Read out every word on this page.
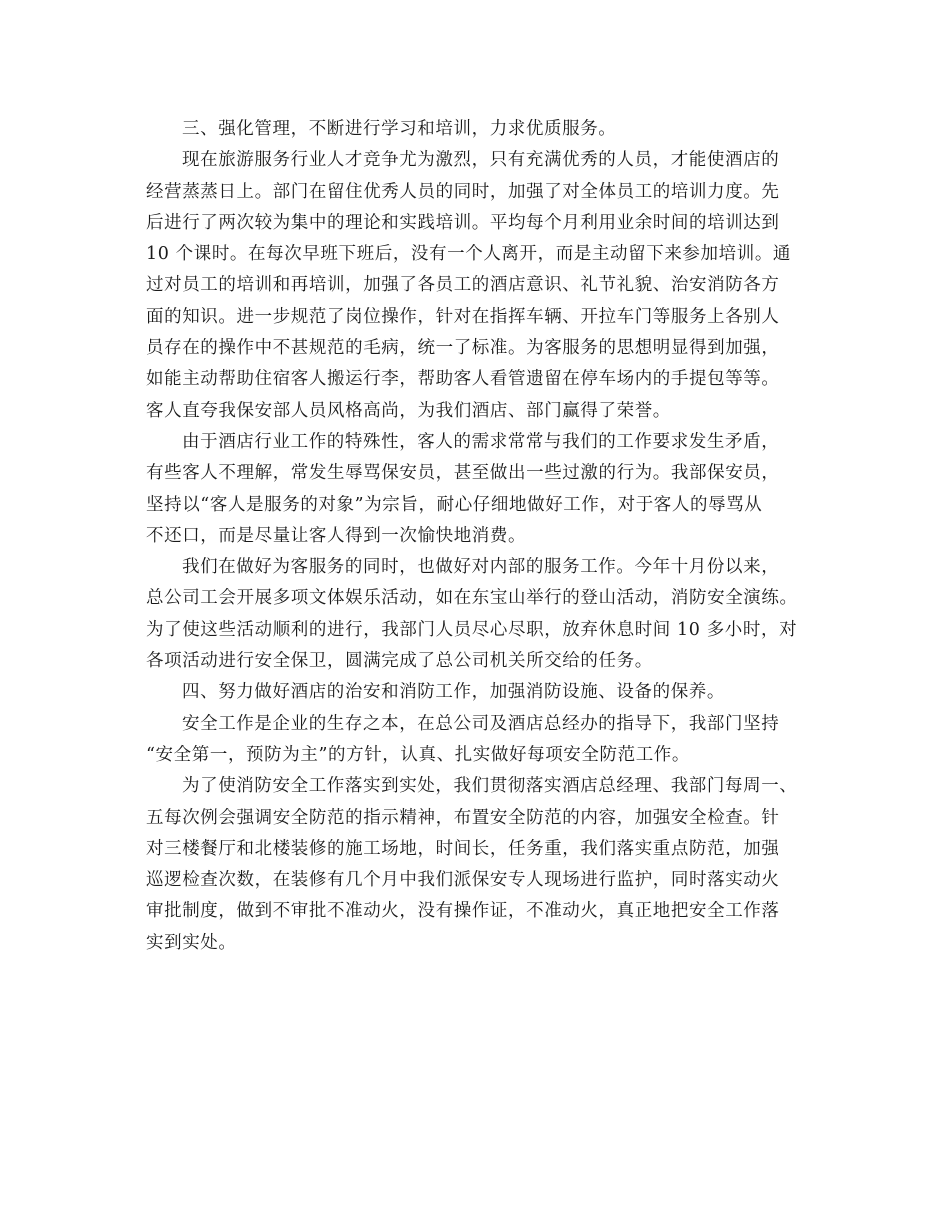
三、强化管理，不断进行学习和培训，力求优质服务。
现在旅游服务行业人才竞争尤为激烈，只有充满优秀的人员，才能使酒店的
经营蒸蒸日上。部门在留住优秀人员的同时，加强了对全体员工的培训力度。先
后进行了两次较为集中的理论和实践培训。平均每个月利用业余时间的培训达到
10 个课时。在每次早班下班后，没有一个人离开，而是主动留下来参加培训。通
过对员工的培训和再培训，加强了各员工的酒店意识、礼节礼貌、治安消防各方
面的知识。进一步规范了岗位操作，针对在指挥车辆、开拉车门等服务上各别人
员存在的操作中不甚规范的毛病，统一了标准。为客服务的思想明显得到加强，
如能主动帮助住宿客人搬运行李，帮助客人看管遗留在停车场内的手提包等等。
客人直夸我保安部人员风格高尚，为我们酒店、部门赢得了荣誉。
由于酒店行业工作的特殊性，客人的需求常常与我们的工作要求发生矛盾，
有些客人不理解，常发生辱骂保安员，甚至做出一些过激的行为。我部保安员，
坚持以“客人是服务的对象”为宗旨，耐心仔细地做好工作，对于客人的辱骂从
不还口，而是尽量让客人得到一次愉快地消费。
我们在做好为客服务的同时，也做好对内部的服务工作。今年十月份以来，
总公司工会开展多项文体娱乐活动，如在东宝山举行的登山活动，消防安全演练。
为了使这些活动顺利的进行，我部门人员尽心尽职，放弃休息时间 10 多小时，对
各项活动进行安全保卫，圆满完成了总公司机关所交给的任务。
四、努力做好酒店的治安和消防工作，加强消防设施、设备的保养。
安全工作是企业的生存之本，在总公司及酒店总经办的指导下，我部门坚持
“安全第一，预防为主”的方针，认真、扎实做好每项安全防范工作。
为了使消防安全工作落实到实处，我们贯彻落实酒店总经理、我部门每周一、
五每次例会强调安全防范的指示精神，布置安全防范的内容，加强安全检查。针
对三楼餐厅和北楼装修的施工场地，时间长，任务重，我们落实重点防范，加强
巡逻检查次数，在装修有几个月中我们派保安专人现场进行监护，同时落实动火
审批制度，做到不审批不准动火，没有操作证，不准动火，真正地把安全工作落
实到实处。
